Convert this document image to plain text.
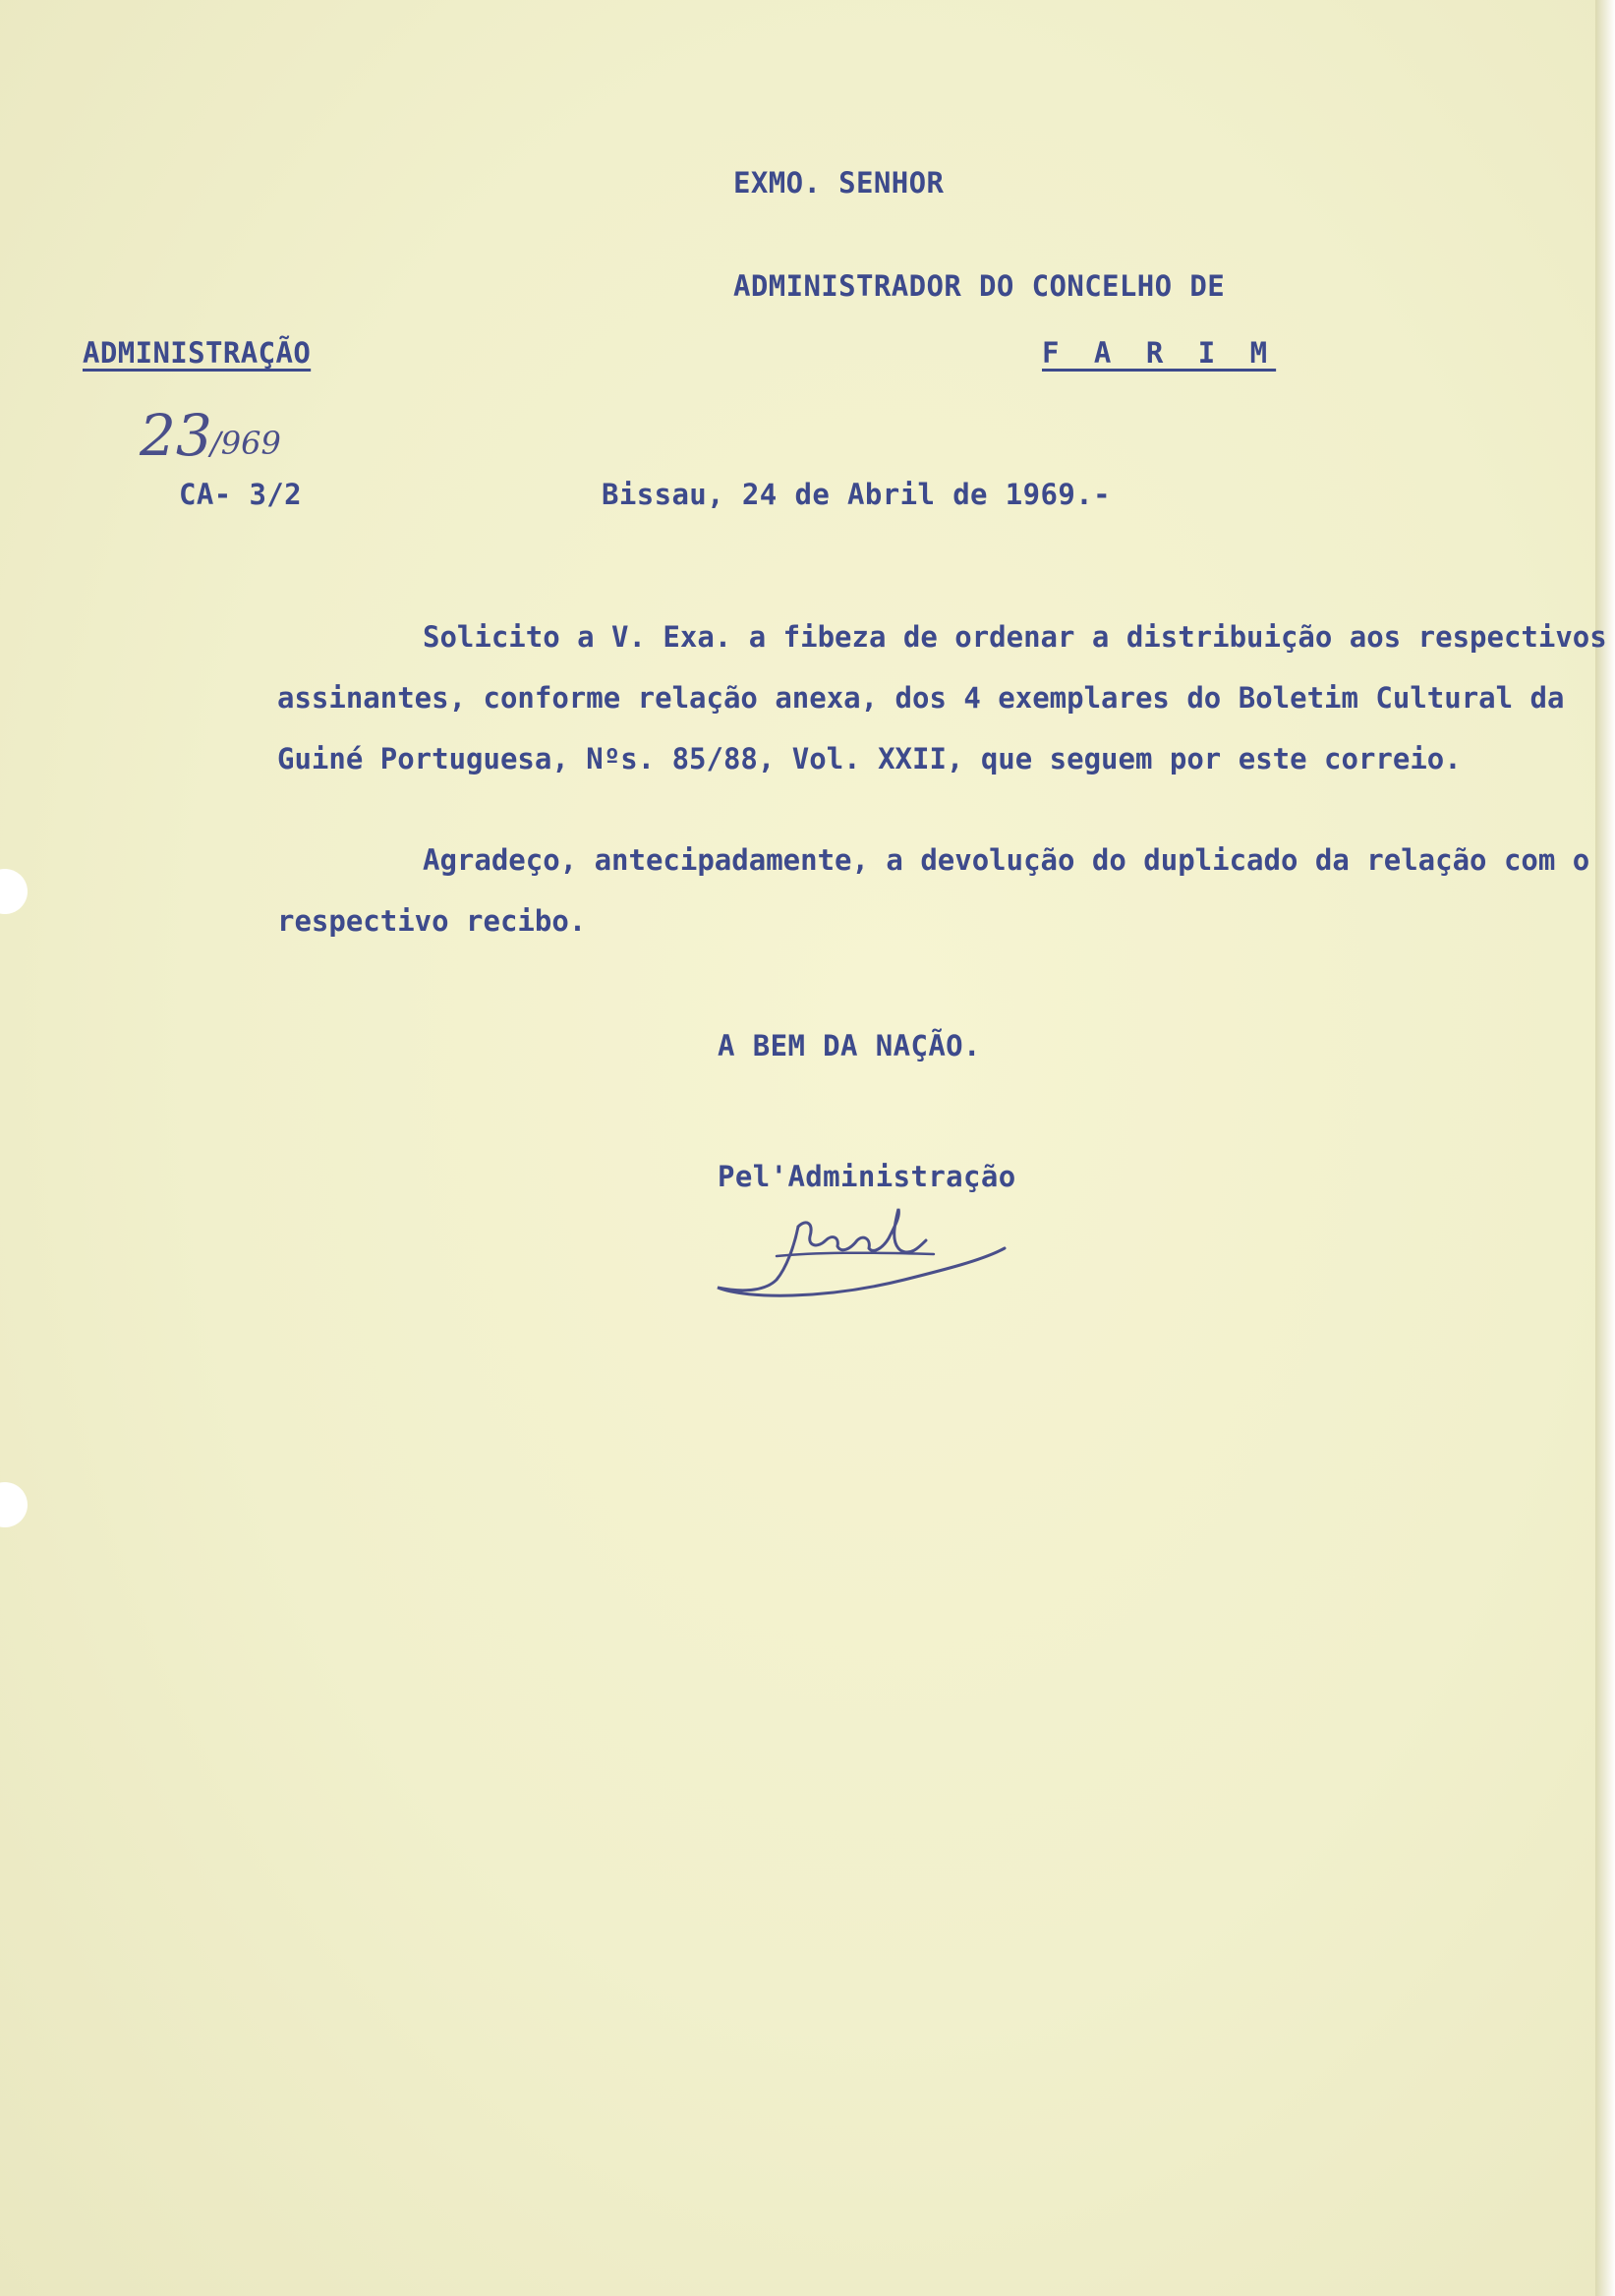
EXMO. SENHOR

ADMINISTRADOR DO CONCELHO DE

ADMINISTRAÇÃO	F A R I M

23
/969

CA- 3/2	Bissau, 24 de Abril de 1969.-

Solicito a V. Exa. a fibeza de ordenar a distribuição aos respectivos
assinantes, conforme relação anexa, dos 4 exemplares do Boletim Cultural da
Guiné Portuguesa, Nºs. 85/88, Vol. XXII, que seguem por este correio.
Agradeço, antecipadamente, a devolução do duplicado da relação com o
respectivo recibo.

A BEM DA NAÇÃO.

Pel'Administração
